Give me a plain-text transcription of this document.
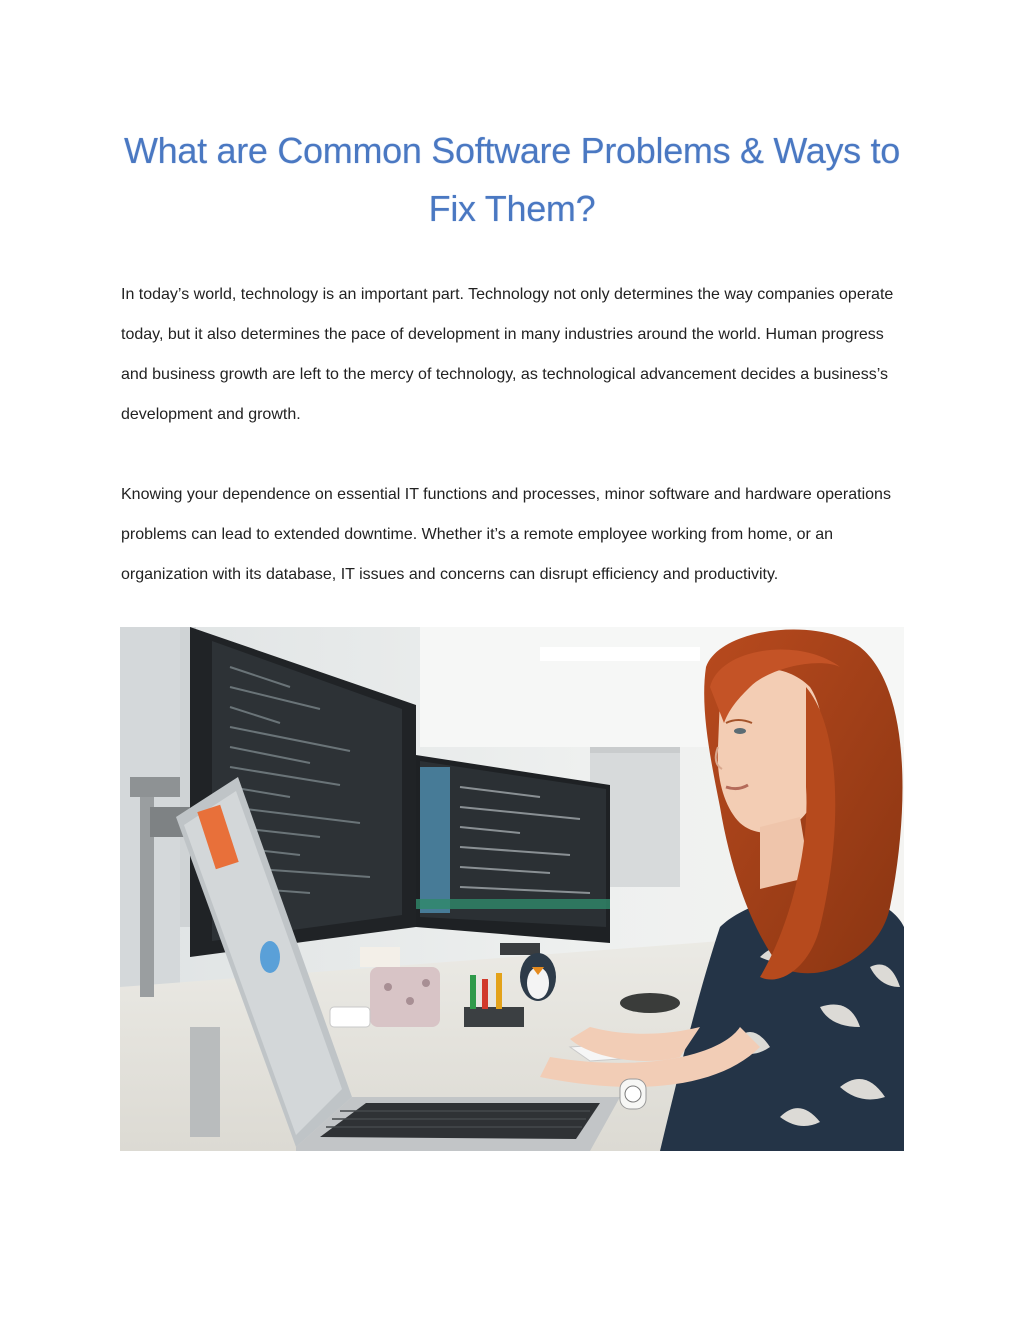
What are Common Software Problems & Ways to Fix Them?

In today’s world, technology is an important part. Technology not only determines the way companies operate today, but it also determines the pace of development in many industries around the world. Human progress and business growth are left to the mercy of technology, as technological advancement decides a business’s development and growth.

Knowing your dependence on essential IT functions and processes, minor software and hardware operations problems can lead to extended downtime. Whether it’s a remote employee working from home, or an organization with its database, IT issues and concerns can disrupt efficiency and productivity.
